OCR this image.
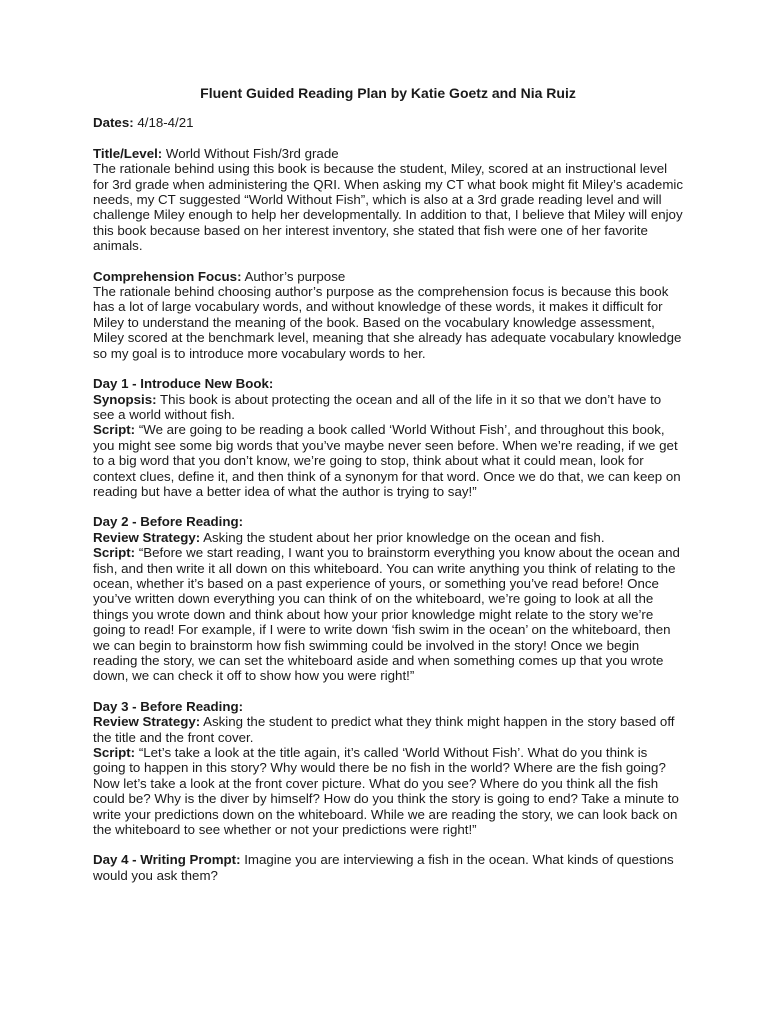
Fluent Guided Reading Plan by Katie Goetz and Nia Ruiz
Dates: 4/18-4/21
Title/Level: World Without Fish/3rd grade
The rationale behind using this book is because the student, Miley, scored at an instructional level for 3rd grade when administering the QRI. When asking my CT what book might fit Miley’s academic needs, my CT suggested “World Without Fish”, which is also at a 3rd grade reading level and will challenge Miley enough to help her developmentally. In addition to that, I believe that Miley will enjoy this book because based on her interest inventory, she stated that fish were one of her favorite animals.
Comprehension Focus: Author’s purpose
The rationale behind choosing author’s purpose as the comprehension focus is because this book has a lot of large vocabulary words, and without knowledge of these words, it makes it difficult for Miley to understand the meaning of the book. Based on the vocabulary knowledge assessment, Miley scored at the benchmark level, meaning that she already has adequate vocabulary knowledge so my goal is to introduce more vocabulary words to her.
Day 1 - Introduce New Book:
Synopsis: This book is about protecting the ocean and all of the life in it so that we don’t have to see a world without fish.
Script: “We are going to be reading a book called ‘World Without Fish’, and throughout this book, you might see some big words that you’ve maybe never seen before. When we’re reading, if we get to a big word that you don’t know, we’re going to stop, think about what it could mean, look for context clues, define it, and then think of a synonym for that word. Once we do that, we can keep on reading but have a better idea of what the author is trying to say!”
Day 2 - Before Reading:
Review Strategy: Asking the student about her prior knowledge on the ocean and fish.
Script: “Before we start reading, I want you to brainstorm everything you know about the ocean and fish, and then write it all down on this whiteboard. You can write anything you think of relating to the ocean, whether it’s based on a past experience of yours, or something you’ve read before! Once you’ve written down everything you can think of on the whiteboard, we’re going to look at all the things you wrote down and think about how your prior knowledge might relate to the story we’re going to read! For example, if I were to write down ‘fish swim in the ocean’ on the whiteboard, then we can begin to brainstorm how fish swimming could be involved in the story! Once we begin reading the story, we can set the whiteboard aside and when something comes up that you wrote down, we can check it off to show how you were right!”
Day 3 - Before Reading:
Review Strategy: Asking the student to predict what they think might happen in the story based off the title and the front cover.
Script: “Let’s take a look at the title again, it’s called ‘World Without Fish’. What do you think is going to happen in this story? Why would there be no fish in the world? Where are the fish going? Now let’s take a look at the front cover picture. What do you see? Where do you think all the fish could be? Why is the diver by himself? How do you think the story is going to end? Take a minute to write your predictions down on the whiteboard. While we are reading the story, we can look back on the whiteboard to see whether or not your predictions were right!”
Day 4 - Writing Prompt: Imagine you are interviewing a fish in the ocean. What kinds of questions would you ask them?
